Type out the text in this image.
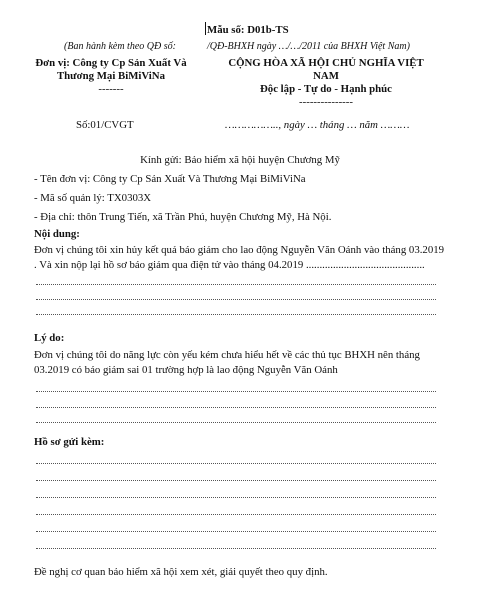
Mẫu số: D01b-TS
(Ban hành kèm theo QĐ số:	/QĐ-BHXH ngày …/…/2011 của BHXH Việt Nam)
Đơn vị: Công ty Cp Sản Xuất Và
Thương Mại BiMiViNa
-------
Số:01/CVGT
CỘNG HÒA XÃ HỘI CHỦ NGHĨA VIỆT
NAM
Độc lập - Tự do - Hạnh phúc
---------------
…………….., ngày … tháng … năm ………
Kính gửi: Bảo hiểm xã hội huyện Chương Mỹ
- Tên đơn vị: Công ty Cp Sản Xuất Và Thương Mại BiMiViNa
- Mã số quản lý: TX0303X
- Địa chỉ: thôn Trung Tiến, xã Trần Phú, huyện Chương Mỹ, Hà Nội.
Nội dung:
Đơn vị chúng tôi xin hủy kết quả báo giảm cho lao động Nguyễn Văn Oánh vào tháng 03.2019
. Và xin nộp lại hồ sơ báo giảm qua điện tử vào tháng 04.2019 ............................................
Lý do:
Đơn vị chúng tôi do năng lực còn yếu kém chưa hiểu hết về các thủ tục BHXH nên tháng
03.2019 có báo giảm sai 01 trường hợp là lao động Nguyễn Văn Oánh
Hồ sơ gửi kèm:
Đề nghị cơ quan bảo hiểm xã hội xem xét, giải quyết theo quy định.
